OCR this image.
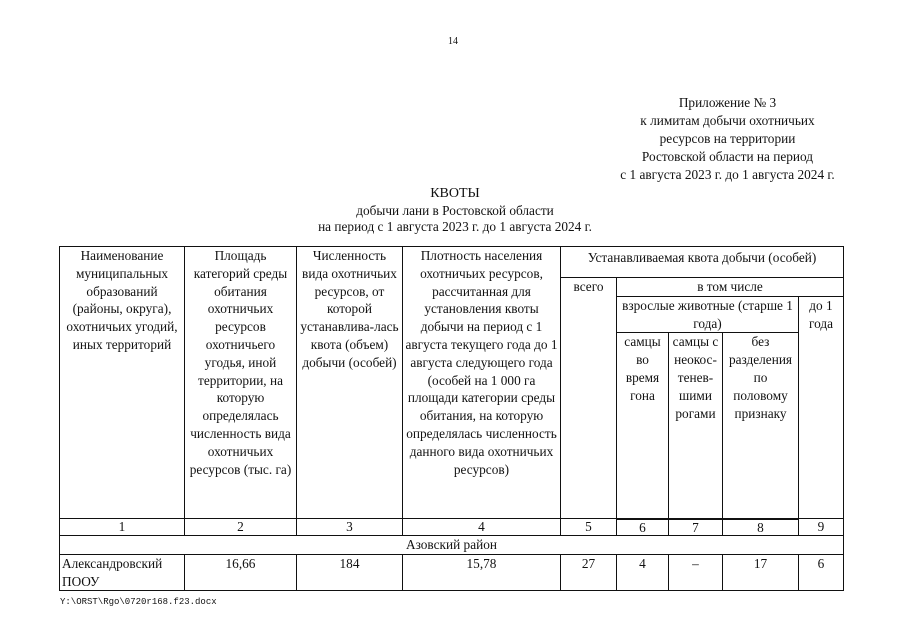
14
Приложение № 3
к лимитам добычи охотничьих
ресурсов на территории
Ростовской области на период
с 1 августа 2023 г. до 1 августа 2024 г.
КВОТЫ
добычи лани в Ростовской области
на период с 1 августа 2023 г. до 1 августа 2024 г.
Наименование муниципальных образований (районы, округа), охотничьих угодий, иных территорий	Площадь категорий среды обитания охотничьих ресурсов охотничьего угодья, иной территории, на которую определялась численность вида охотничьих ресурсов (тыс. га)	Численность вида охотничьих ресурсов, от которой устанавлива-лась квота (объем) добычи (особей)	Плотность населения охотничьих ресурсов, рассчитанная для установления квоты добычи на период с 1 августа текущего года до 1 августа следующего года (особей на 1 000 га площади категории среды обитания, на которую определялась численность данного вида охотничьих ресурсов)	Устанавливаемая квота добычи (особей)				
				всего	в том числе			
					взрослые животные (старше 1 года)			до 1 года
					самцы во время гона	самцы с неокос-тенев-шими рогами	без разделения по половому признаку	
1	2	3	4	5	6	7	8	9
Азовский район								
Александровский ПООУ	16,66	184	15,78	27	4	–	17	6
Y:\ORST\Rgo\0720r168.f23.docx
